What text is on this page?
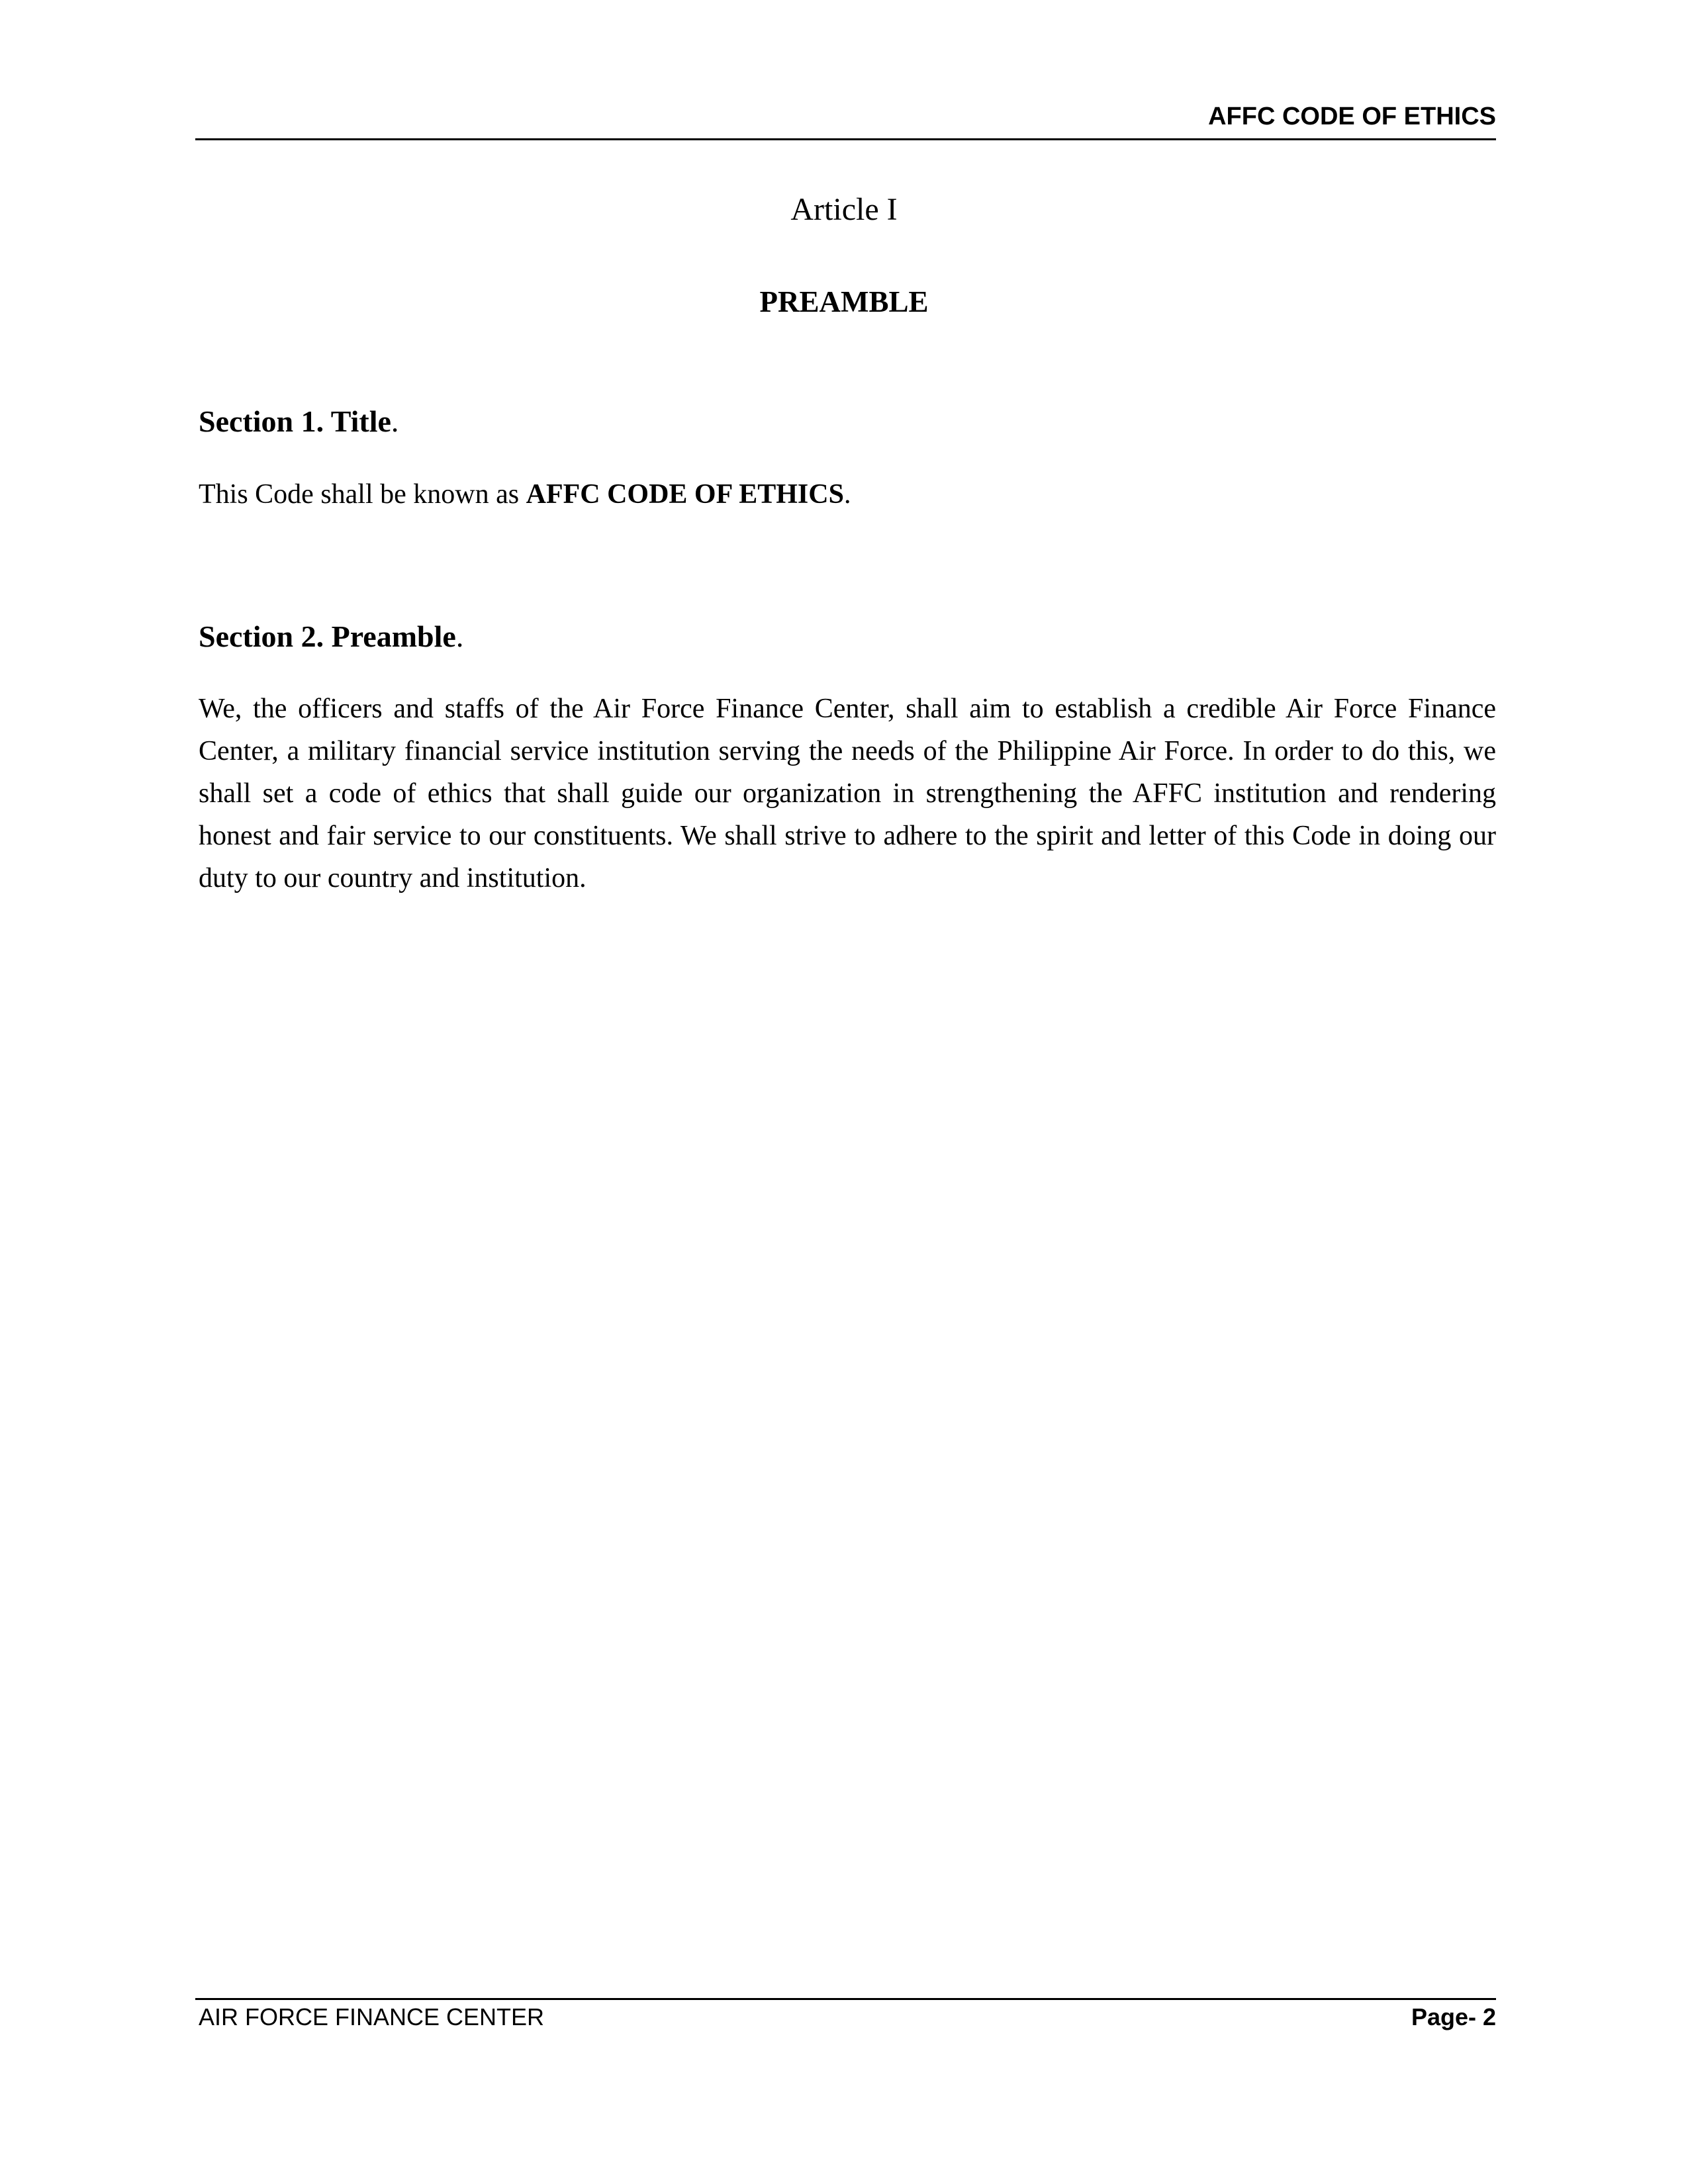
AFFC CODE OF ETHICS
Article I
PREAMBLE
Section 1. Title.
This Code shall be known as AFFC CODE OF ETHICS.
Section 2. Preamble.
We, the officers and staffs of the Air Force Finance Center, shall aim to establish a credible Air Force Finance Center, a military financial service institution serving the needs of the Philippine Air Force. In order to do this, we shall set a code of ethics that shall guide our organization in strengthening the AFFC institution and rendering honest and fair service to our constituents. We shall strive to adhere to the spirit and letter of this Code in doing our duty to our country and institution.
AIR FORCE FINANCE CENTER	Page- 2
